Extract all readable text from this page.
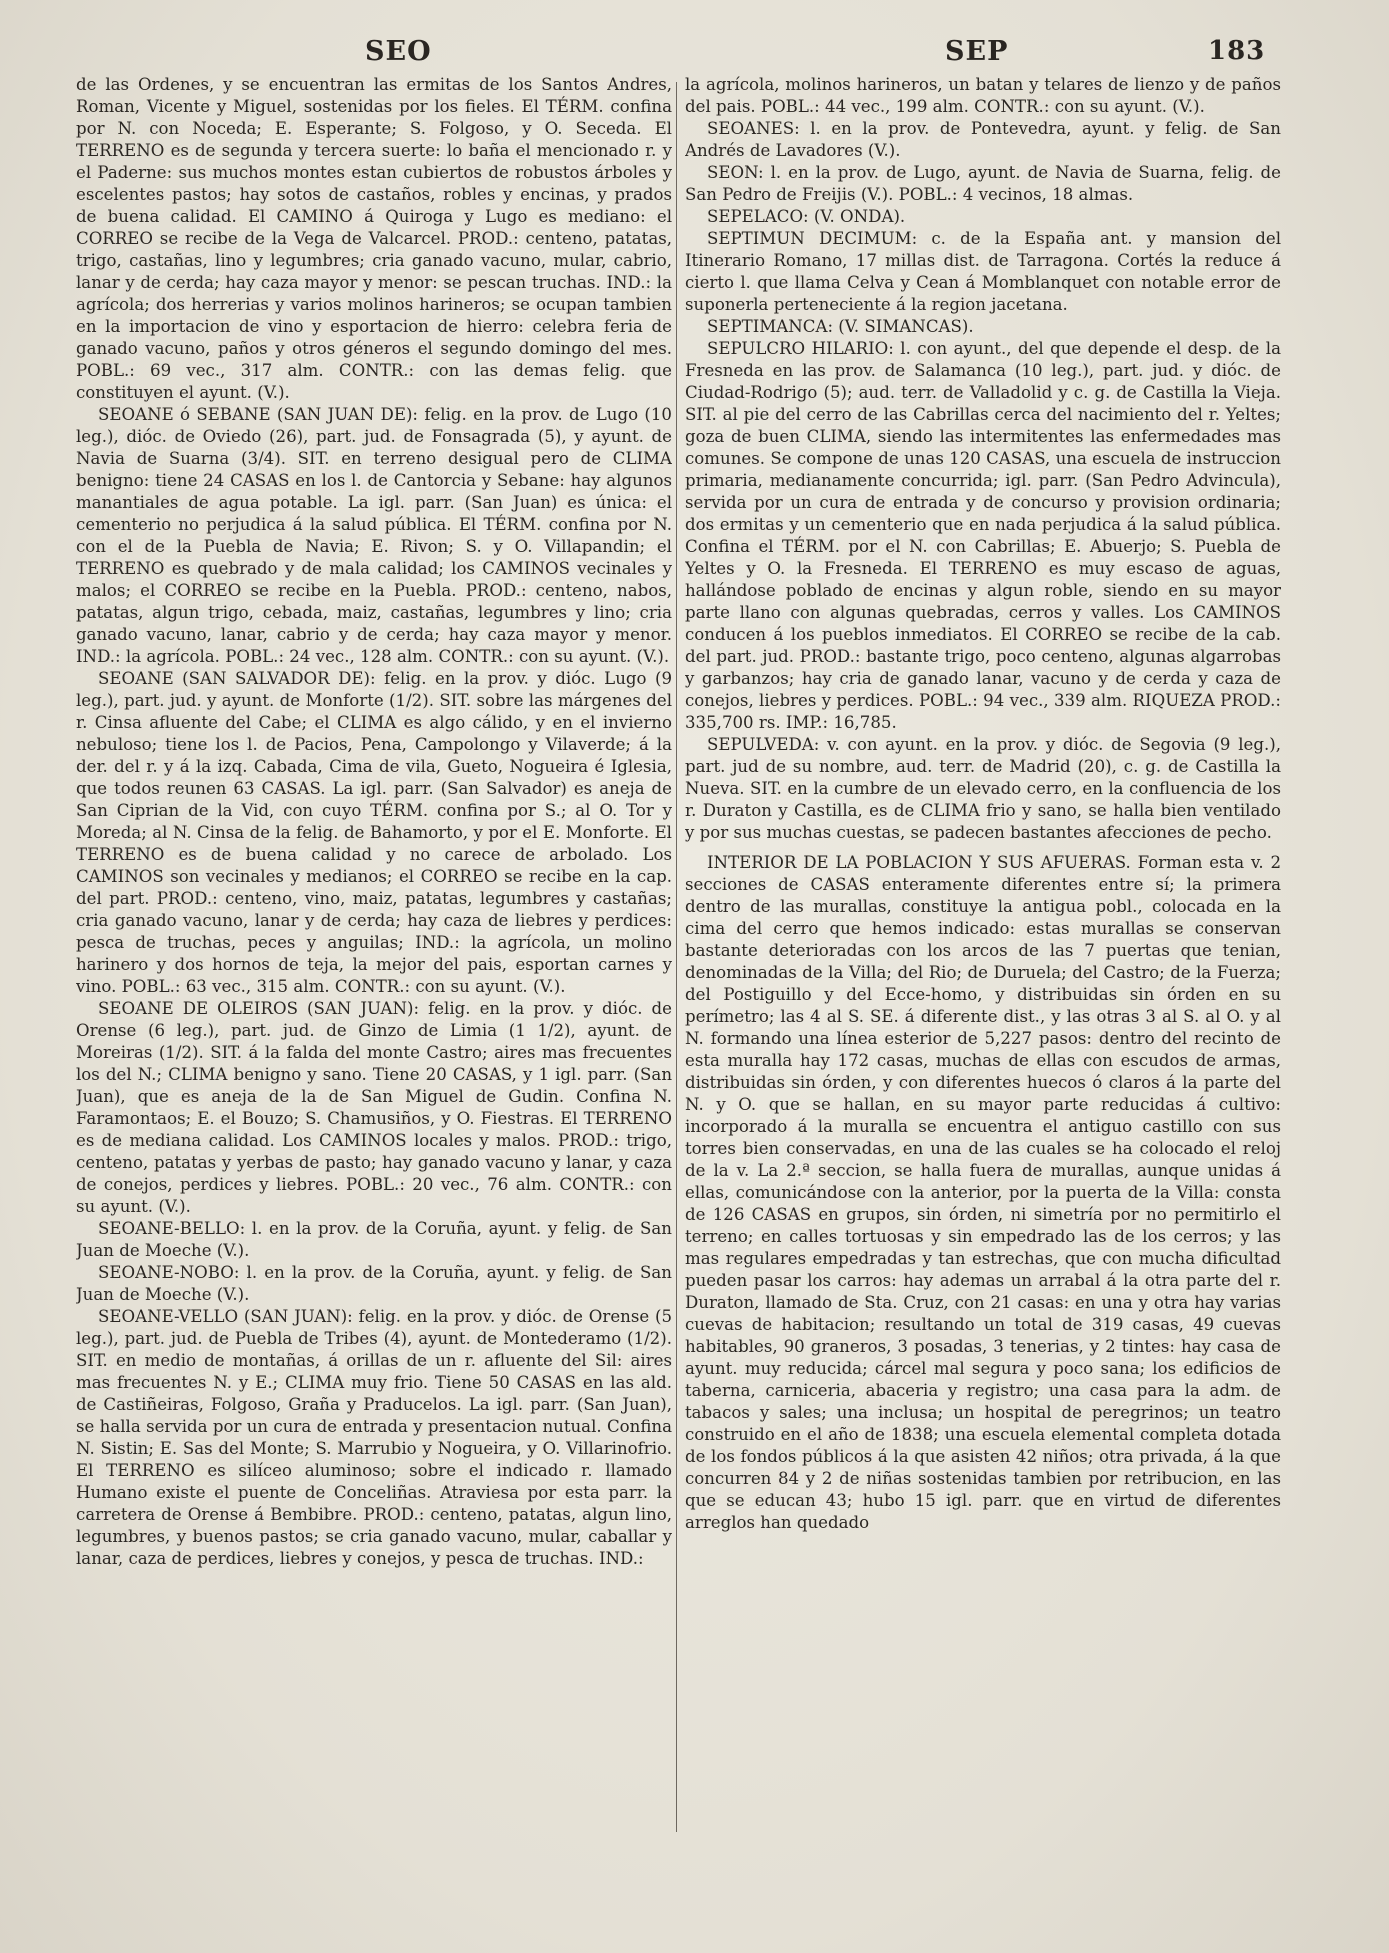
SEO	SEP	183

de las Ordenes, y se encuentran las ermitas de los Santos Andres, Roman, Vicente y Miguel, sostenidas por los fieles. El TÉRM. confina por N. con Noceda; E. Esperante; S. Folgoso, y O. Seceda. El TERRENO es de segunda y tercera suerte: lo baña el mencionado r. y el Paderne: sus muchos montes estan cubiertos de robustos árboles y escelentes pastos; hay sotos de castaños, robles y encinas, y prados de buena calidad. El CAMINO á Quiroga y Lugo es mediano: el CORREO se recibe de la Vega de Valcarcel. PROD.: centeno, patatas, trigo, castañas, lino y legumbres; cria ganado vacuno, mular, cabrio, lanar y de cerda; hay caza mayor y menor: se pescan truchas. IND.: la agrícola; dos herrerias y varios molinos harineros; se ocupan tambien en la importacion de vino y esportacion de hierro: celebra feria de ganado vacuno, paños y otros géneros el segundo domingo del mes. POBL.: 69 vec., 317 alm. CONTR.: con las demas felig. que constituyen el ayunt. (V.).

SEOANE ó SEBANE (SAN JUAN DE): felig. en la prov. de Lugo (10 leg.), dióc. de Oviedo (26), part. jud. de Fonsagrada (5), y ayunt. de Navia de Suarna (3/4). SIT. en terreno desigual pero de CLIMA benigno: tiene 24 CASAS en los l. de Cantorcia y Sebane: hay algunos manantiales de agua potable. La igl. parr. (San Juan) es única: el cementerio no perjudica á la salud pública. El TÉRM. confina por N. con el de la Puebla de Navia; E. Rivon; S. y O. Villapandin; el TERRENO es quebrado y de mala calidad; los CAMINOS vecinales y malos; el CORREO se recibe en la Puebla. PROD.: centeno, nabos, patatas, algun trigo, cebada, maiz, castañas, legumbres y lino; cria ganado vacuno, lanar, cabrio y de cerda; hay caza mayor y menor. IND.: la agrícola. POBL.: 24 vec., 128 alm. CONTR.: con su ayunt. (V.).

SEOANE (SAN SALVADOR DE): felig. en la prov. y dióc. Lugo (9 leg.), part. jud. y ayunt. de Monforte (1/2). SIT. sobre las márgenes del r. Cinsa afluente del Cabe; el CLIMA es algo cálido, y en el invierno nebuloso; tiene los l. de Pacios, Pena, Campolongo y Vilaverde; á la der. del r. y á la izq. Cabada, Cima de vila, Gueto, Nogueira é Iglesia, que todos reunen 63 CASAS. La igl. parr. (San Salvador) es aneja de San Ciprian de la Vid, con cuyo TÉRM. confina por S.; al O. Tor y Moreda; al N. Cinsa de la felig. de Bahamorto, y por el E. Monforte. El TERRENO es de buena calidad y no carece de arbolado. Los CAMINOS son vecinales y medianos; el CORREO se recibe en la cap. del part. PROD.: centeno, vino, maiz, patatas, legumbres y castañas; cria ganado vacuno, lanar y de cerda; hay caza de liebres y perdices: pesca de truchas, peces y anguilas; IND.: la agrícola, un molino harinero y dos hornos de teja, la mejor del pais, esportan carnes y vino. POBL.: 63 vec., 315 alm. CONTR.: con su ayunt. (V.).

SEOANE DE OLEIROS (SAN JUAN): felig. en la prov. y dióc. de Orense (6 leg.), part. jud. de Ginzo de Limia (1 1/2), ayunt. de Moreiras (1/2). SIT. á la falda del monte Castro; aires mas frecuentes los del N.; CLIMA benigno y sano. Tiene 20 CASAS, y 1 igl. parr. (San Juan), que es aneja de la de San Miguel de Gudin. Confina N. Faramontaos; E. el Bouzo; S. Chamusiños, y O. Fiestras. El TERRENO es de mediana calidad. Los CAMINOS locales y malos. PROD.: trigo, centeno, patatas y yerbas de pasto; hay ganado vacuno y lanar, y caza de conejos, perdices y liebres. POBL.: 20 vec., 76 alm. CONTR.: con su ayunt. (V.).

SEOANE-BELLO: l. en la prov. de la Coruña, ayunt. y felig. de San Juan de Moeche (V.).

SEOANE-NOBO: l. en la prov. de la Coruña, ayunt. y felig. de San Juan de Moeche (V.).

SEOANE-VELLO (SAN JUAN): felig. en la prov. y dióc. de Orense (5 leg.), part. jud. de Puebla de Tribes (4), ayunt. de Montederamo (1/2). SIT. en medio de montañas, á orillas de un r. afluente del Sil: aires mas frecuentes N. y E.; CLIMA muy frio. Tiene 50 CASAS en las ald. de Castiñeiras, Folgoso, Graña y Praducelos. La igl. parr. (San Juan), se halla servida por un cura de entrada y presentacion nutual. Confina N. Sistin; E. Sas del Monte; S. Marrubio y Nogueira, y O. Villarinofrio. El TERRENO es silíceo aluminoso; sobre el indicado r. llamado Humano existe el puente de Conceliñas. Atraviesa por esta parr. la carretera de Orense á Bembibre. PROD.: centeno, patatas, algun lino, legumbres, y buenos pastos; se cria ganado vacuno, mular, caballar y lanar, caza de perdices, liebres y conejos, y pesca de truchas. IND.:

la agrícola, molinos harineros, un batan y telares de lienzo y de paños del pais. POBL.: 44 vec., 199 alm. CONTR.: con su ayunt. (V.).

SEOANES: l. en la prov. de Pontevedra, ayunt. y felig. de San Andrés de Lavadores (V.).

SEON: l. en la prov. de Lugo, ayunt. de Navia de Suarna, felig. de San Pedro de Freijis (V.). POBL.: 4 vecinos, 18 almas.

SEPELACO: (V. ONDA).

SEPTIMUN DECIMUM: c. de la España ant. y mansion del Itinerario Romano, 17 millas dist. de Tarragona. Cortés la reduce á cierto l. que llama Celva y Cean á Momblanquet con notable error de suponerla perteneciente á la region jacetana.

SEPTIMANCA: (V. SIMANCAS).

SEPULCRO HILARIO: l. con ayunt., del que depende el desp. de la Fresneda en las prov. de Salamanca (10 leg.), part. jud. y dióc. de Ciudad-Rodrigo (5); aud. terr. de Valladolid y c. g. de Castilla la Vieja. SIT. al pie del cerro de las Cabrillas cerca del nacimiento del r. Yeltes; goza de buen CLIMA, siendo las intermitentes las enfermedades mas comunes. Se compone de unas 120 CASAS, una escuela de instruccion primaria, medianamente concurrida; igl. parr. (San Pedro Advincula), servida por un cura de entrada y de concurso y provision ordinaria; dos ermitas y un cementerio que en nada perjudica á la salud pública. Confina el TÉRM. por el N. con Cabrillas; E. Abuerjo; S. Puebla de Yeltes y O. la Fresneda. El TERRENO es muy escaso de aguas, hallándose poblado de encinas y algun roble, siendo en su mayor parte llano con algunas quebradas, cerros y valles. Los CAMINOS conducen á los pueblos inmediatos. El CORREO se recibe de la cab. del part. jud. PROD.: bastante trigo, poco centeno, algunas algarrobas y garbanzos; hay cria de ganado lanar, vacuno y de cerda y caza de conejos, liebres y perdices. POBL.: 94 vec., 339 alm. RIQUEZA PROD.: 335,700 rs. IMP.: 16,785.

SEPULVEDA: v. con ayunt. en la prov. y dióc. de Segovia (9 leg.), part. jud de su nombre, aud. terr. de Madrid (20), c. g. de Castilla la Nueva. SIT. en la cumbre de un elevado cerro, en la confluencia de los r. Duraton y Castilla, es de CLIMA frio y sano, se halla bien ventilado y por sus muchas cuestas, se padecen bastantes afecciones de pecho.

INTERIOR DE LA POBLACION Y SUS AFUERAS. Forman esta v. 2 secciones de CASAS enteramente diferentes entre sí; la primera dentro de las murallas, constituye la antigua pobl., colocada en la cima del cerro que hemos indicado: estas murallas se conservan bastante deterioradas con los arcos de las 7 puertas que tenian, denominadas de la Villa; del Rio; de Duruela; del Castro; de la Fuerza; del Postiguillo y del Ecce-homo, y distribuidas sin órden en su perímetro; las 4 al S. SE. á diferente dist., y las otras 3 al S. al O. y al N. formando una línea esterior de 5,227 pasos: dentro del recinto de esta muralla hay 172 casas, muchas de ellas con escudos de armas, distribuidas sin órden, y con diferentes huecos ó claros á la parte del N. y O. que se hallan, en su mayor parte reducidas á cultivo: incorporado á la muralla se encuentra el antiguo castillo con sus torres bien conservadas, en una de las cuales se ha colocado el reloj de la v. La 2.ª seccion, se halla fuera de murallas, aunque unidas á ellas, comunicándose con la anterior, por la puerta de la Villa: consta de 126 CASAS en grupos, sin órden, ni simetría por no permitirlo el terreno; en calles tortuosas y sin empedrado las de los cerros; y las mas regulares empedradas y tan estrechas, que con mucha dificultad pueden pasar los carros: hay ademas un arrabal á la otra parte del r. Duraton, llamado de Sta. Cruz, con 21 casas: en una y otra hay varias cuevas de habitacion; resultando un total de 319 casas, 49 cuevas habitables, 90 graneros, 3 posadas, 3 tenerias, y 2 tintes: hay casa de ayunt. muy reducida; cárcel mal segura y poco sana; los edificios de taberna, carniceria, abaceria y registro; una casa para la adm. de tabacos y sales; una inclusa; un hospital de peregrinos; un teatro construido en el año de 1838; una escuela elemental completa dotada de los fondos públicos á la que asisten 42 niños; otra privada, á la que concurren 84 y 2 de niñas sostenidas tambien por retribucion, en las que se educan 43; hubo 15 igl. parr. que en virtud de diferentes arreglos han quedado
